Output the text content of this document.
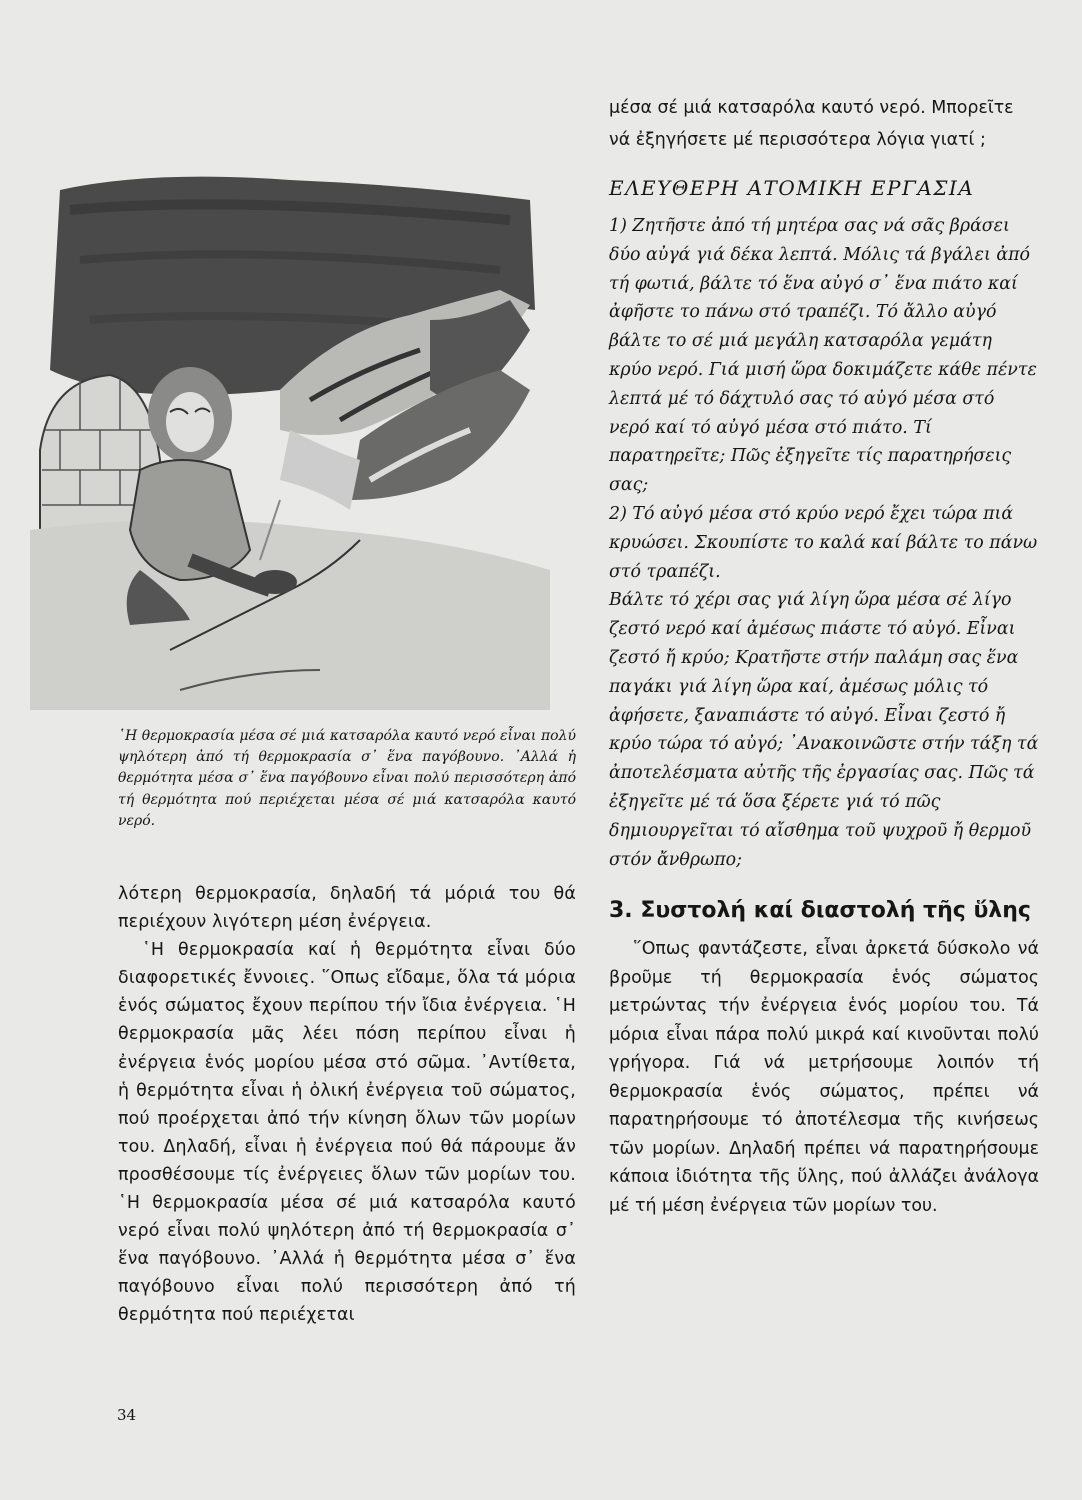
῾Η θερμοκρασία μέσα σέ μιά κατσαρόλα καυτό νερό εἶναι πολύ ψηλότερη ἀπό τή θερμοκρασία σ᾽ ἕνα παγόβουνο. ᾽Αλλά ἡ θερμότητα μέσα σ᾽ ἕνα παγόβουνο εἶναι πολύ περισσότερη ἀπό τή θερμότητα πού περιέχεται μέσα σέ μιά κατσαρόλα καυτό νερό.

λότερη θερμοκρασία, δηλαδή τά μόριά του θά περιέχουν λιγότερη μέση ἐνέργεια.

῾Η θερμοκρασία καί ἡ θερμότητα εἶναι δύο διαφορετικές ἔννοιες. ῞Οπως εἴδαμε, ὅλα τά μόρια ἑνός σώματος ἔχουν περίπου τήν ἴδια ἐνέργεια. ῾Η θερμοκρασία μᾶς λέει πόση περίπου εἶναι ἡ ἐνέργεια ἑνός μορίου μέσα στό σῶμα. ᾽Αντίθετα, ἡ θερμότητα εἶναι ἡ ὀλική ἐνέργεια τοῦ σώματος, πού προέρχεται ἀπό τήν κίνηση ὅλων τῶν μορίων του. Δηλαδή, εἶναι ἡ ἐνέργεια πού θά πάρουμε ἄν προσθέσουμε τίς ἐνέργειες ὅλων τῶν μορίων του. ῾Η θερμοκρασία μέσα σέ μιά κατσαρόλα καυτό νερό εἶναι πολύ ψηλότερη ἀπό τή θερμοκρασία σ᾽ ἕνα παγόβουνο. ᾽Αλλά ἡ θερμότητα μέσα σ᾽ ἕνα παγόβουνο εἶναι πολύ περισσότερη ἀπό τή θερμότητα πού περιέχεται

μέσα σέ μιά κατσαρόλα καυτό νερό. Μπορεῖτε νά ἐξηγήσετε μέ περισσότερα λόγια γιατί ;

ΕΛΕΥΘΕΡΗ ΑΤΟΜΙΚΗ ΕΡΓΑΣΙΑ

1) Ζητῆστε ἀπό τή μητέρα σας νά σᾶς βράσει δύο αὐγά γιά δέκα λεπτά. Μόλις τά βγάλει ἀπό τή φωτιά, βάλτε τό ἕνα αὐγό σ᾽ ἕνα πιάτο καί ἀφῆστε το πάνω στό τραπέζι. Τό ἄλλο αὐγό βάλτε το σέ μιά μεγάλη κατσαρόλα γεμάτη κρύο νερό. Γιά μισή ὥρα δοκιμάζετε κάθε πέντε λεπτά μέ τό δάχτυλό σας τό αὐγό μέσα στό νερό καί τό αὐγό μέσα στό πιάτο. Τί παρατηρεῖτε; Πῶς ἐξηγεῖτε τίς παρατηρήσεις σας;

2) Τό αὐγό μέσα στό κρύο νερό ἔχει τώρα πιά κρυώσει. Σκουπίστε το καλά καί βάλτε το πάνω στό τραπέζι.

Βάλτε τό χέρι σας γιά λίγη ὥρα μέσα σέ λίγο ζεστό νερό καί ἀμέσως πιάστε τό αὐγό. Εἶναι ζεστό ἤ κρύο; Κρατῆστε στήν παλάμη σας ἕνα παγάκι γιά λίγη ὥρα καί, ἀμέσως μόλις τό ἀφήσετε, ξαναπιάστε τό αὐγό. Εἶναι ζεστό ἤ κρύο τώρα τό αὐγό; ᾽Ανακοινῶστε στήν τάξη τά ἀποτελέσματα αὐτῆς τῆς ἐργασίας σας. Πῶς τά ἐξηγεῖτε μέ τά ὅσα ξέρετε γιά τό πῶς δημιουργεῖται τό αἴσθημα τοῦ ψυχροῦ ἤ θερμοῦ στόν ἄνθρωπο;

3. Συστολή καί διαστολή τῆς ὕλης

῞Οπως φαντάζεστε, εἶναι ἀρκετά δύσκολο νά βροῦμε τή θερμοκρασία ἑνός σώματος μετρώντας τήν ἐνέργεια ἑνός μορίου του. Τά μόρια εἶναι πάρα πολύ μικρά καί κινοῦνται πολύ γρήγορα. Γιά νά μετρήσουμε λοιπόν τή θερμοκρασία ἑνός σώματος, πρέπει νά παρατηρήσουμε τό ἀποτέλεσμα τῆς κινήσεως τῶν μορίων. Δηλαδή πρέπει νά παρατηρήσουμε κάποια ἰδιότητα τῆς ὕλης, πού ἀλλάζει ἀνάλογα μέ τή μέση ἐνέργεια τῶν μορίων του.

34
